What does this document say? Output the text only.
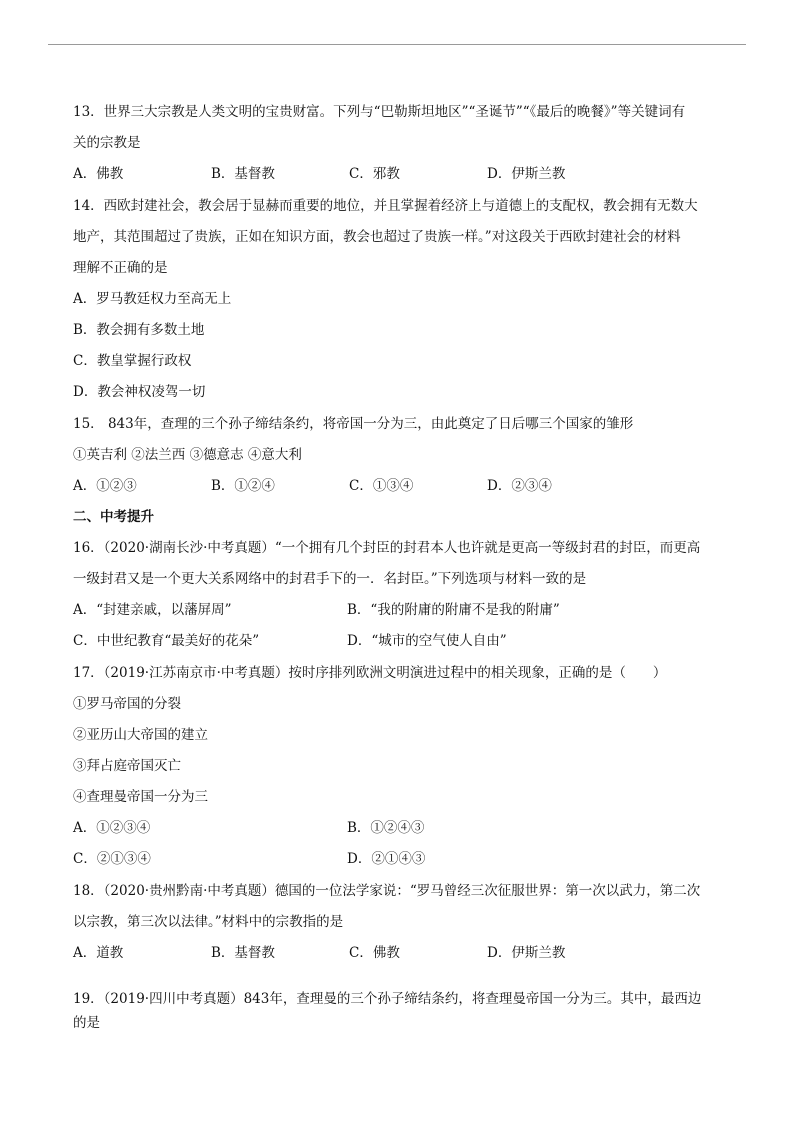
13．世界三大宗教是人类文明的宝贵财富。下列与“巴勒斯坦地区”“圣诞节”“《最后的晚餐》”等关键词有
关的宗教是
A．佛教	B．基督教	C．邪教	D．伊斯兰教
14．西欧封建社会，教会居于显赫而重要的地位，并且掌握着经济上与道德上的支配权，教会拥有无数大
地产，其范围超过了贵族，正如在知识方面，教会也超过了贵族一样。”对这段关于西欧封建社会的材料
理解不正确的是
A．罗马教廷权力至高无上
B．教会拥有多数土地
C．教皇掌握行政权
D．教会神权凌驾一切
15． 843年，查理的三个孙子缔结条约，将帝国一分为三，由此奠定了日后哪三个国家的雏形
①英吉利 ②法兰西 ③德意志 ④意大利
A．①②③	B．①②④	C．①③④	D．②③④
二、中考提升
16．（2020·湖南长沙·中考真题）“一个拥有几个封臣的封君本人也许就是更高一等级封君的封臣，而更高
一级封君又是一个更大关系网络中的封君手下的一．名封臣。”下列选项与材料一致的是
A．“封建亲戚，以藩屏周”	B．“我的附庸的附庸不是我的附庸”
C．中世纪教育“最美好的花朵”	D．“城市的空气使人自由”
17．（2019·江苏南京市·中考真题）按时序排列欧洲文明演进过程中的相关现象，正确的是（　　）
①罗马帝国的分裂
②亚历山大帝国的建立
③拜占庭帝国灭亡
④查理曼帝国一分为三
A．①②③④	B．①②④③
C．②①③④	D．②①④③
18．（2020·贵州黔南·中考真题）德国的一位法学家说：“罗马曾经三次征服世界：第一次以武力，第二次
以宗教，第三次以法律。”材料中的宗教指的是
A．道教	B．基督教	C．佛教	D．伊斯兰教
19．（2019·四川中考真题）843年，查理曼的三个孙子缔结条约，将查理曼帝国一分为三。其中，最西边
的是
